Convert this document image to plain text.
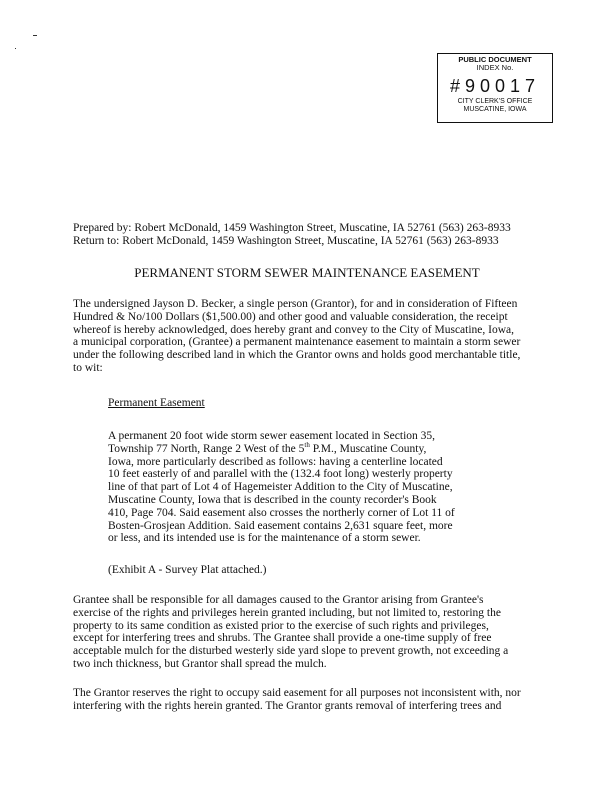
PUBLIC DOCUMENT
INDEX No.
#90017
CITY CLERK'S OFFICE
MUSCATINE, IOWA
Prepared by: Robert McDonald, 1459 Washington Street, Muscatine, IA 52761 (563) 263-8933
Return to: Robert McDonald, 1459 Washington Street, Muscatine, IA 52761 (563) 263-8933
PERMANENT STORM SEWER MAINTENANCE EASEMENT
The undersigned Jayson D. Becker, a single person (Grantor), for and in consideration of Fifteen
Hundred & No/100 Dollars ($1,500.00) and other good and valuable consideration, the receipt
whereof is hereby acknowledged, does hereby grant and convey to the City of Muscatine, Iowa,
a municipal corporation, (Grantee) a permanent maintenance easement to maintain a storm sewer
under the following described land in which the Grantor owns and holds good merchantable title,
to wit:
Permanent Easement
A permanent 20 foot wide storm sewer easement located in Section 35,
Township 77 North, Range 2 West of the 5th P.M., Muscatine County,
Iowa, more particularly described as follows: having a centerline located
10 feet easterly of and parallel with the (132.4 foot long) westerly property
line of that part of Lot 4 of Hagemeister Addition to the City of Muscatine,
Muscatine County, Iowa that is described in the county recorder's Book
410, Page 704. Said easement also crosses the northerly corner of Lot 11 of
Bosten-Grosjean Addition. Said easement contains 2,631 square feet, more
or less, and its intended use is for the maintenance of a storm sewer.
(Exhibit A - Survey Plat attached.)
Grantee shall be responsible for all damages caused to the Grantor arising from Grantee's
exercise of the rights and privileges herein granted including, but not limited to, restoring the
property to its same condition as existed prior to the exercise of such rights and privileges,
except for interfering trees and shrubs. The Grantee shall provide a one-time supply of free
acceptable mulch for the disturbed westerly side yard slope to prevent growth, not exceeding a
two inch thickness, but Grantor shall spread the mulch.
The Grantor reserves the right to occupy said easement for all purposes not inconsistent with, nor
interfering with the rights herein granted. The Grantor grants removal of interfering trees and
